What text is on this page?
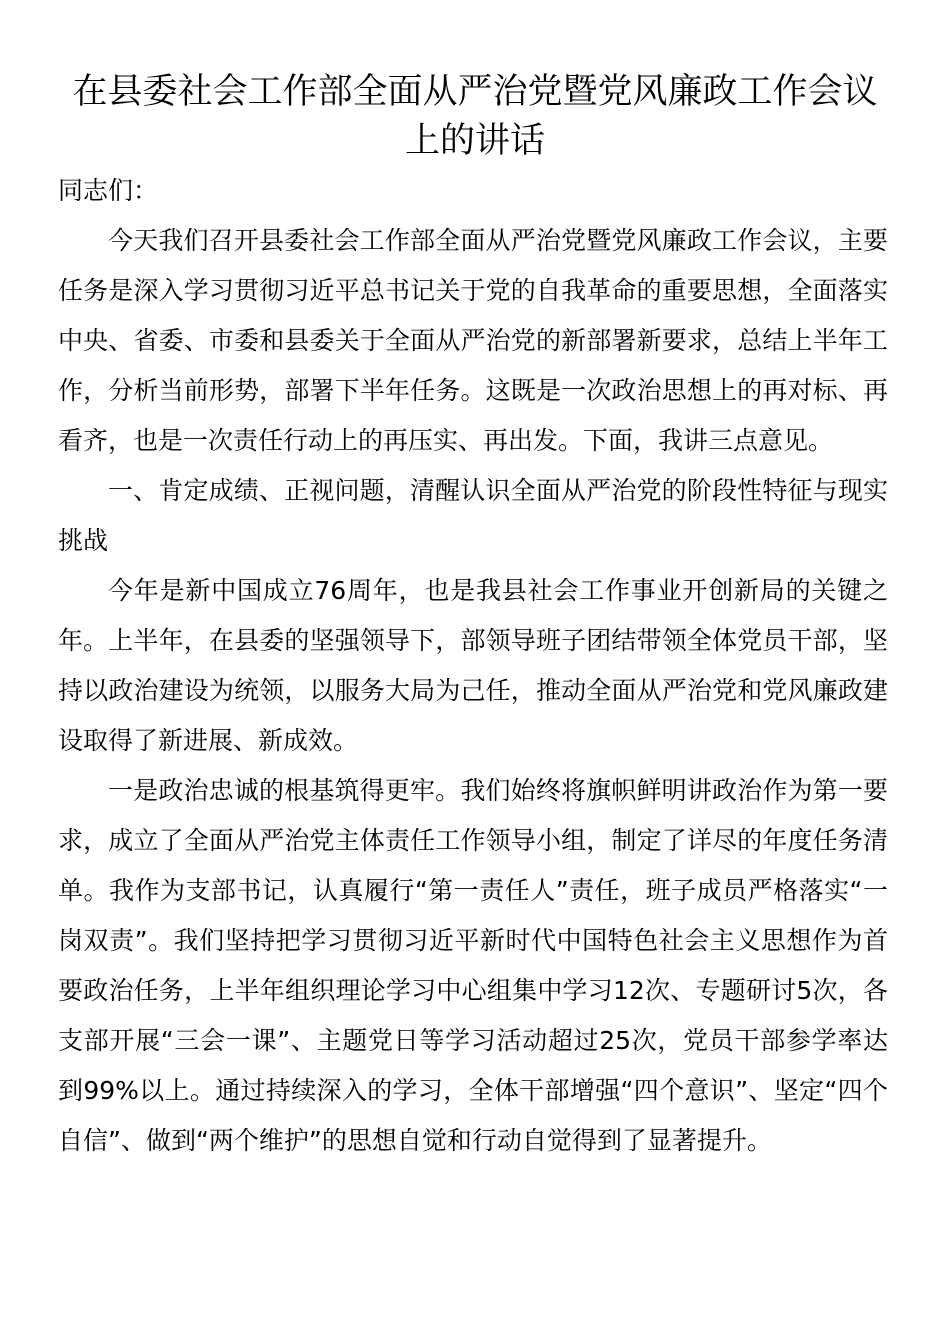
在县委社会工作部全面从严治党暨党风廉政工作会议上的讲话

同志们：

今天我们召开县委社会工作部全面从严治党暨党风廉政工作会议，主要任务是深入学习贯彻习近平总书记关于党的自我革命的重要思想，全面落实中央、省委、市委和县委关于全面从严治党的新部署新要求，总结上半年工作，分析当前形势，部署下半年任务。这既是一次政治思想上的再对标、再看齐，也是一次责任行动上的再压实、再出发。下面，我讲三点意见。

一、肯定成绩、正视问题，清醒认识全面从严治党的阶段性特征与现实挑战

今年是新中国成立76周年，也是我县社会工作事业开创新局的关键之年。上半年，在县委的坚强领导下，部领导班子团结带领全体党员干部，坚持以政治建设为统领，以服务大局为己任，推动全面从严治党和党风廉政建设取得了新进展、新成效。

一是政治忠诚的根基筑得更牢。我们始终将旗帜鲜明讲政治作为第一要求，成立了全面从严治党主体责任工作领导小组，制定了详尽的年度任务清单。我作为支部书记，认真履行“第一责任人”责任，班子成员严格落实“一岗双责”。我们坚持把学习贯彻习近平新时代中国特色社会主义思想作为首要政治任务，上半年组织理论学习中心组集中学习12次、专题研讨5次，各支部开展“三会一课”、主题党日等学习活动超过25次，党员干部参学率达到99%以上。通过持续深入的学习，全体干部增强“四个意识”、坚定“四个自信”、做到“两个维护”的思想自觉和行动自觉得到了显著提升。
